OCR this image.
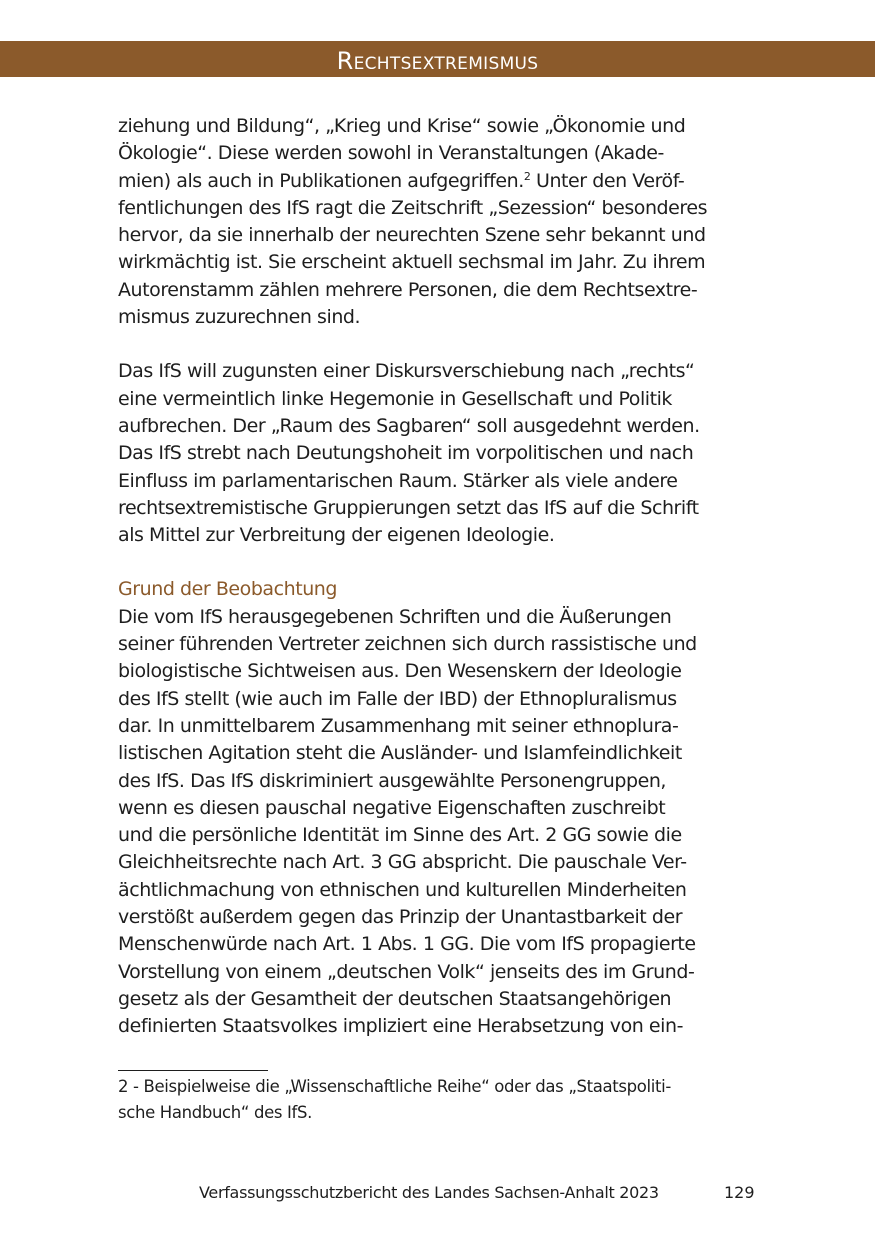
Rechtsextremismus

ziehung und Bildung“, „Krieg und Krise“ sowie „Ökonomie und
Ökologie“. Diese werden sowohl in Veranstaltungen (Akade-
mien) als auch in Publikationen aufgegriffen.$^2$ Unter den Veröf-
fentlichungen des IfS ragt die Zeitschrift „Sezession“ besonderes
hervor, da sie innerhalb der neurechten Szene sehr bekannt und
wirkmächtig ist. Sie erscheint aktuell sechsmal im Jahr. Zu ihrem
Autorenstamm zählen mehrere Personen, die dem Rechtsextre-
mismus zuzurechnen sind.

Das IfS will zugunsten einer Diskursverschiebung nach „rechts“
eine vermeintlich linke Hegemonie in Gesellschaft und Politik
aufbrechen. Der „Raum des Sagbaren“ soll ausgedehnt werden.
Das IfS strebt nach Deutungshoheit im vorpolitischen und nach
Einfluss im parlamentarischen Raum. Stärker als viele andere
rechtsextremistische Gruppierungen setzt das IfS auf die Schrift
als Mittel zur Verbreitung der eigenen Ideologie.

Grund der Beobachtung

Die vom IfS herausgegebenen Schriften und die Äußerungen
seiner führenden Vertreter zeichnen sich durch rassistische und
biologistische Sichtweisen aus. Den Wesenskern der Ideologie
des IfS stellt (wie auch im Falle der IBD) der Ethnopluralismus
dar. In unmittelbarem Zusammenhang mit seiner ethnoplura-
listischen Agitation steht die Ausländer- und Islamfeindlichkeit
des IfS. Das IfS diskriminiert ausgewählte Personengruppen,
wenn es diesen pauschal negative Eigenschaften zuschreibt
und die persönliche Identität im Sinne des Art. 2 GG sowie die
Gleichheitsrechte nach Art. 3 GG abspricht. Die pauschale Ver-
ächtlichmachung von ethnischen und kulturellen Minderheiten
verstößt außerdem gegen das Prinzip der Unantastbarkeit der
Menschenwürde nach Art. 1 Abs. 1 GG. Die vom IfS propagierte
Vorstellung von einem „deutschen Volk“ jenseits des im Grund-
gesetz als der Gesamtheit der deutschen Staatsangehörigen
definierten Staatsvolkes impliziert eine Herabsetzung von ein-

2 - Beispielweise die „Wissenschaftliche Reihe“ oder das „Staatspoliti-
sche Handbuch“ des IfS.
Verfassungsschutzbericht des Landes Sachsen-Anhalt 2023	129
